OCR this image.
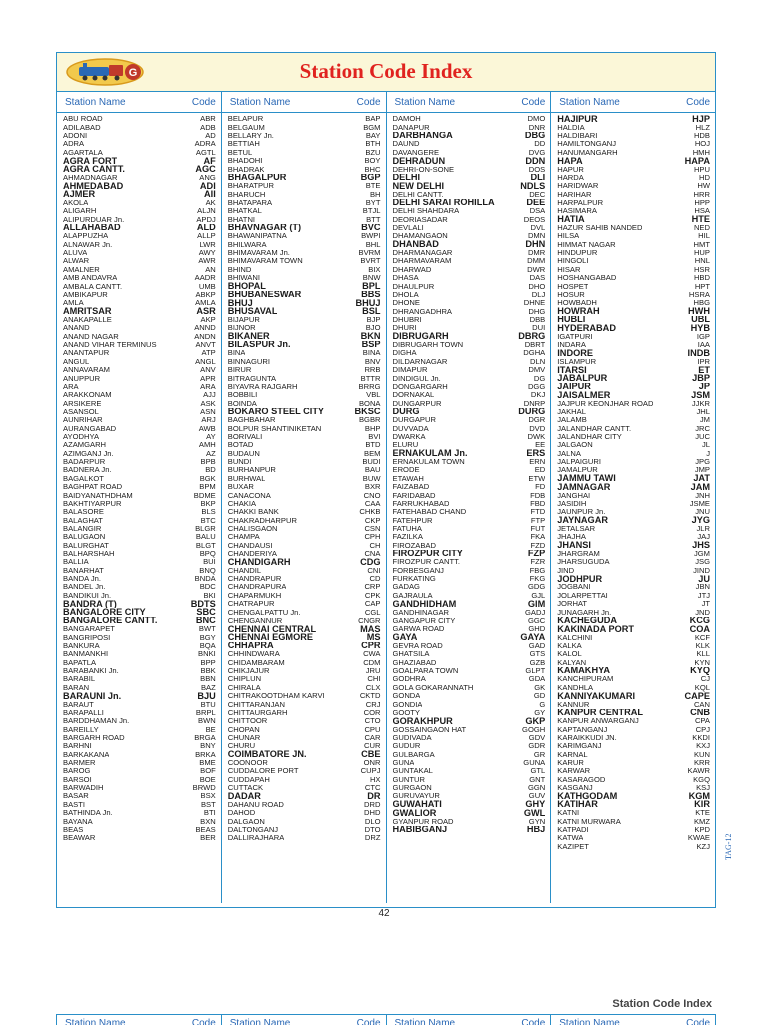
G	Station Code Index
Station Name	Code
ABU ROAD	ABR
ADILABAD	ADB
ADONI	AD
ADRA	ADRA
AGARTALA	AGTL
AGRA FORT	AF
AGRA CANTT.	AGC
AHMADNAGAR	ANG
AHMEDABAD	ADI
AJMER	AII
AKOLA	AK
ALIGARH	ALJN
ALIPURDUAR Jn.	APDJ
ALLAHABAD	ALD
ALAPPUZHA	ALLP
ALNAWAR Jn.	LWR
ALUVA	AWY
ALWAR	AWR
AMALNER	AN
AMB ANDAVRA	AADR
AMBALA CANTT.	UMB
AMBIKAPUR	ABKP
AMLA	AMLA
AMRITSAR	ASR
ANAKAPALLE	AKP
ANAND	ANND
ANAND NAGAR	ANDN
ANAND VIHAR TERMINUS	ANVT
ANANTAPUR	ATP
ANGUL	ANGL
ANNAVARAM	ANV
ANUPPUR	APR
ARA	ARA
ARAKKONAM	AJJ
ARSIKERE	ASK
ASANSOL	ASN
AUNRIHAR	ARJ
AURANGABAD	AWB
AYODHYA	AY
AZAMGARH	AMH
AZIMGANJ Jn.	AZ
BADARPUR	BPB
BADNERA Jn.	BD
BAGALKOT	BGK
BAGHPAT ROAD	BPM
BAIDYANATHDHAM	BDME
BAKHTIYARPUR	BKP
BALASORE	BLS
BALAGHAT	BTC
BALANGIR	BLGR
BALUGAON	BALU
BALURGHAT	BLGT
BALHARSHAH	BPQ
BALLIA	BUI
BANARHAT	BNQ
BANDA Jn.	BNDA
BANDEL Jn.	BDC
BANDIKUI Jn.	BKI
BANDRA (T)	BDTS
BANGALORE CITY	SBC
BANGALORE CANTT.	BNC
BANGARAPET	BWT
BANGRIPOSI	BGY
BANKURA	BQA
BANMANKHI	BNKI
BAPATLA	BPP
BARABANKI Jn.	BBK
BARABIL	BBN
BARAN	BAZ
BARAUNI Jn.	BJU
BARAUT	BTU
BARAPALLI	BRPL
BARDDHAMAN Jn.	BWN
BAREILLY	BE
BARGARH ROAD	BRGA
BARHNI	BNY
BARKAKANA	BRKA
BARMER	BME
BAROG	BOF
BARSOI	BOE
BARWADIH	BRWD
BASAR	BSX
BASTI	BST
BATHINDA Jn.	BTI
BAYANA	BXN
BEAS	BEAS
BEAWAR	BER
Station Name	Code
BELAPUR	BAP
BELGAUM	BGM
BELLARY Jn.	BAY
BETTIAH	BTH
BETUL	BZU
BHADOHI	BOY
BHADRAK	BHC
BHAGALPUR	BGP
BHARATPUR	BTE
BHARUCH	BH
BHATAPARA	BYT
BHATKAL	BTJL
BHATNI	BTT
BHAVNAGAR (T)	BVC
BHAWANIPATNA	BWPI
BHILWARA	BHL
BHIMAVARAM Jn.	BVRM
BHIMAVARAM TOWN	BVRT
BHIND	BIX
BHIWANI	BNW
BHOPAL	BPL
BHUBANESWAR	BBS
BHUJ	BHUJ
BHUSAVAL	BSL
BIJAPUR	BJP
BIJNOR	BJO
BIKANER	BKN
BILASPUR Jn.	BSP
BINA	BINA
BINNAGURI	BNV
BIRUR	RRB
BITRAGUNTA	BTTR
BIYAVRA RAJGARH	BRRG
BOBBILI	VBL
BOINDA	BONA
BOKARO STEEL CITY	BKSC
BAGHBAHAR	BGBR
BOLPUR SHANTINIKETAN	BHP
BORIVALI	BVI
BOTAD	BTD
BUDAUN	BEM
BUNDI	BUDI
BURHANPUR	BAU
BURHWAL	BUW
BUXAR	BXR
CANACONA	CNO
CHAKIA	CAA
CHAKKI BANK	CHKB
CHAKRADHARPUR	CKP
CHALISGAON	CSN
CHAMPA	CPH
CHANDAUSI	CH
CHANDERIYA	CNA
CHANDIGARH	CDG
CHANDIL	CNI
CHANDRAPUR	CD
CHANDRAPURA	CRP
CHAPARMUKH	CPK
CHATRAPUR	CAP
CHENGALPATTU Jn.	CGL
CHENGANNUR	CNGR
CHENNAI CENTRAL	MAS
CHENNAI EGMORE	MS
CHHAPRA	CPR
CHHINDWARA	CWA
CHIDAMBARAM	CDM
CHIKJAJUR	JRU
CHIPLUN	CHI
CHIRALA	CLX
CHITRAKOOTDHAM KARVI	CKTD
CHITTARANJAN	CRJ
CHITTAURGARH	COR
CHITTOOR	CTO
CHOPAN	CPU
CHUNAR	CAR
CHURU	CUR
COIMBATORE JN.	CBE
COONOOR	ONR
CUDDALORE PORT	CUPJ
CUDDAPAH	HX
CUTTACK	CTC
DADAR	DR
DAHANU ROAD	DRD
DAHOD	DHD
DALGAON	DLO
DALTONGANJ	DTO
DALLIRAJHARA	DRZ
Station Name	Code
DAMOH	DMO
DANAPUR	DNR
DARBHANGA	DBG
DAUND	DD
DAVANGERE	DVG
DEHRADUN	DDN
DEHRI-ON-SONE	DOS
DELHI	DLI
NEW DELHI	NDLS
DELHI CANTT.	DEC
DELHI SARAI ROHILLA	DEE
DELHI SHAHDARA	DSA
DEORIASADAR	DEOS
DEVLALI	DVL
DHAMANGAON	DMN
DHANBAD	DHN
DHARMANAGAR	DMR
DHARMAVARAM	DMM
DHARWAD	DWR
DHASA	DAS
DHAULPUR	DHO
DHOLA	DLJ
DHONE	DHNE
DHRANGADHRA	DHG
DHUBRI	DBB
DHURI	DUI
DIBRUGARH	DBRG
DIBRUGARH TOWN	DBRT
DIGHA	DGHA
DILDARNAGAR	DLN
DIMAPUR	DMV
DINDIGUL Jn.	DG
DONGARGARH	DGG
DORNAKAL	DKJ
DUNGARPUR	DNRP
DURG	DURG
DURGAPUR	DGR
DUVVADA	DVD
DWARKA	DWK
ELURU	EE
ERNAKULAM Jn.	ERS
ERNAKULAM TOWN	ERN
ERODE	ED
ETAWAH	ETW
FAIZABAD	FD
FARIDABAD	FDB
FARRUKHABAD	FBD
FATEHABAD CHAND	FTD
FATEHPUR	FTP
FATUHA	FUT
FAZILKA	FKA
FIROZABAD	FZD
FIROZPUR CITY	FZP
FIROZPUR CANTT.	FZR
FORBESGANJ	FBG
FURKATING	FKG
GADAG	GDG
GAJRAULA	GJL
GANDHIDHAM	GIM
GANDHINAGAR	GADJ
GANGAPUR CITY	GGC
GARWA ROAD	GHD
GAYA	GAYA
GEVRA ROAD	GAD
GHATSILA	GTS
GHAZIABAD	GZB
GOALPARA TOWN	GLPT
GODHRA	GDA
GOLA GOKARANNATH	GK
GONDA	GD
GONDIA	G
GOOTY	GY
GORAKHPUR	GKP
GOSSAINGAON HAT	GOGH
GUDIVADA	GDV
GUDUR	GDR
GULBARGA	GR
GUNA	GUNA
GUNTAKAL	GTL
GUNTUR	GNT
GURGAON	GGN
GURUVAYUR	GUV
GUWAHATI	GHY
GWALIOR	GWL
GYANPUR ROAD	GYN
HABIBGANJ	HBJ
Station Name	Code
HAJIPUR	HJP
HALDIA	HLZ
HALDIBARI	HDB
HAMILTONGANJ	HOJ
HANUMANGARH	HMH
HAPA	HAPA
HAPUR	HPU
HARDA	HD
HARIDWAR	HW
HARIHAR	HRR
HARPALPUR	HPP
HASIMARA	HSA
HATIA	HTE
HAZUR SAHIB NANDED	NED
HILSA	HIL
HIMMAT NAGAR	HMT
HINDUPUR	HUP
HINGOLI	HNL
HISAR	HSR
HOSHANGABAD	HBD
HOSPET	HPT
HOSUR	HSRA
HOWBADH	HBG
HOWRAH	HWH
HUBLI	UBL
HYDERABAD	HYB
IGATPURI	IGP
INDARA	IAA
INDORE	INDB
ISLAMPUR	IPR
ITARSI	ET
JABALPUR	JBP
JAIPUR	JP
JAISALMER	JSM
JAJPUR KEONJHAR ROAD	JJKR
JAKHAL	JHL
JALAMB	JM
JALANDHAR CANTT.	JRC
JALANDHAR CITY	JUC
JALGAON	JL
JALNA	J
JALPAIGURI	JPG
JAMALPUR	JMP
JAMMU TAWI	JAT
JAMNAGAR	JAM
JANGHAI	JNH
JASIDIH	JSME
JAUNPUR Jn.	JNU
JAYNAGAR	JYG
JETALSAR	JLR
JHAJHA	JAJ
JHANSI	JHS
JHARGRAM	JGM
JHARSUGUDA	JSG
JIND	JIND
JODHPUR	JU
JOGBANI	JBN
JOLARPETTAI	JTJ
JORHAT	JT
JUNAGARH Jn.	JND
KACHEGUDA	KCG
KAKINADA PORT	COA
KALCHINI	KCF
KALKA	KLK
KALOL	KLL
KALYAN	KYN
KAMAKHYA	KYQ
KANCHIPURAM	CJ
KANDHLA	KQL
KANNIYAKUMARI	CAPE
KANNUR	CAN
KANPUR CENTRAL	CNB
KANPUR ANWARGANJ	CPA
KAPTANGANJ	CPJ
KARAIKKUDI JN.	KKDI
KARIMGANJ	KXJ
KARNAL	KUN
KARUR	KRR
KARWAR	KAWR
KASARAGOD	KGQ
KASGANJ	KSJ
KATHGODAM	KGM
KATIHAR	KIR
KATNI	KTE
KATNI MURWARA	KMZ
KATPADI	KPD
KATWA	KWAE
KAZIPET	KZJ
42
TAG-12
Station Code Index
Station Name	Code Station Name	Code Station Name	Code Station Name	Code
